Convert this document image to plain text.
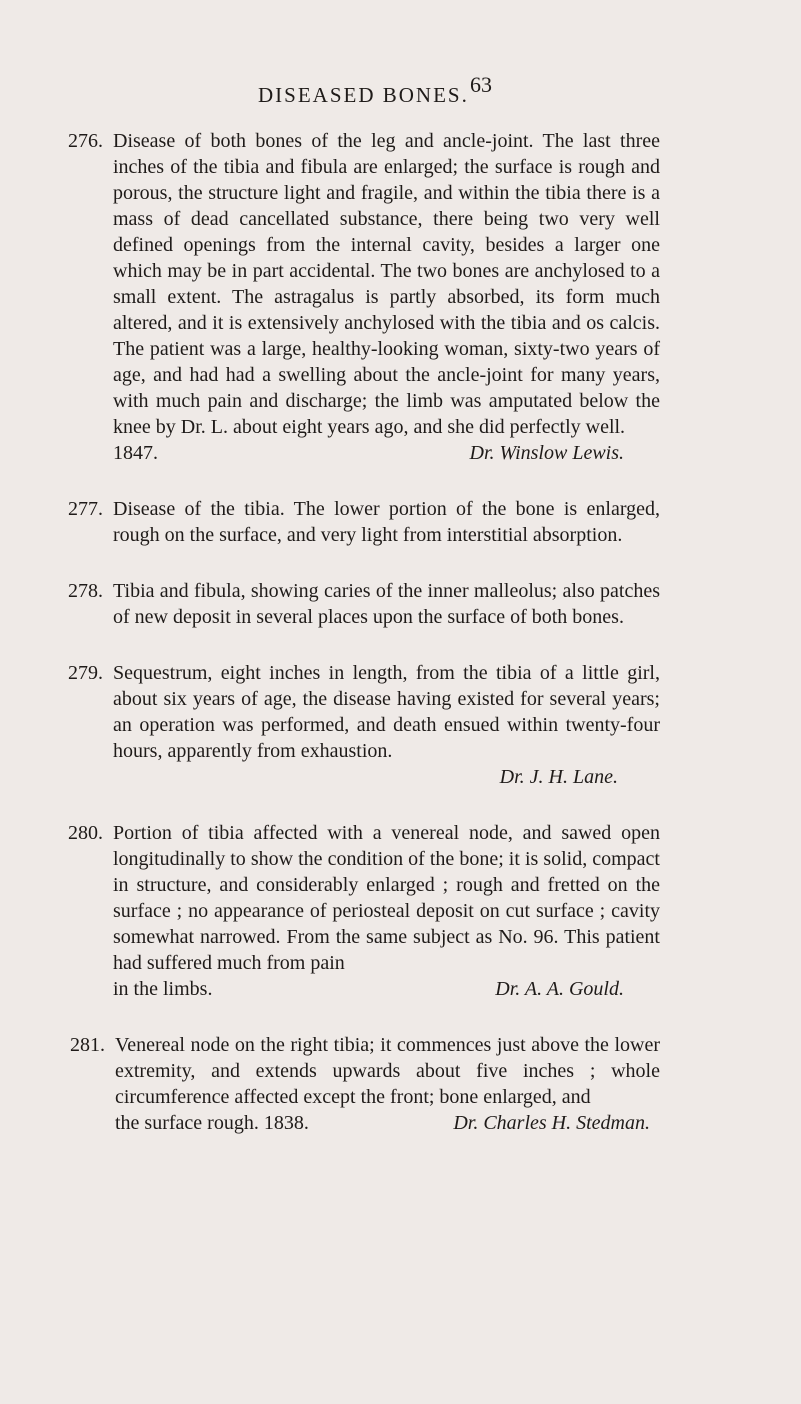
DISEASED BONES. 63
276. Disease of both bones of the leg and ancle-joint. The last three inches of the tibia and fibula are enlarged; the surface is rough and porous, the structure light and fragile, and within the tibia there is a mass of dead cancellated substance, there being two very well defined openings from the internal cavity, besides a larger one which may be in part accidental. The two bones are anchylosed to a small extent. The astragalus is partly absorbed, its form much altered, and it is extensively anchylosed with the tibia and os calcis. The patient was a large, healthy-looking woman, sixty-two years of age, and had had a swelling about the ancle-joint for many years, with much pain and discharge; the limb was amputated below the knee by Dr. L. about eight years ago, and she did perfectly well.
1847.	Dr. Winslow Lewis.
277. Disease of the tibia. The lower portion of the bone is enlarged, rough on the surface, and very light from interstitial absorption.
278. Tibia and fibula, showing caries of the inner malleolus; also patches of new deposit in several places upon the surface of both bones.
279. Sequestrum, eight inches in length, from the tibia of a little girl, about six years of age, the disease having existed for several years; an operation was performed, and death ensued within twenty-four hours, apparently from exhaustion.
Dr. J. H. Lane.
280. Portion of tibia affected with a venereal node, and sawed open longitudinally to show the condition of the bone; it is solid, compact in structure, and considerably enlarged ; rough and fretted on the surface ; no appearance of periosteal deposit on cut surface ; cavity somewhat narrowed. From the same subject as No. 96. This patient had suffered much from pain
in the limbs.	Dr. A. A. Gould.
281. Venereal node on the right tibia; it commences just above the lower extremity, and extends upwards about five inches ; whole circumference affected except the front; bone enlarged, and
the surface rough. 1838.	Dr. Charles H. Stedman.
